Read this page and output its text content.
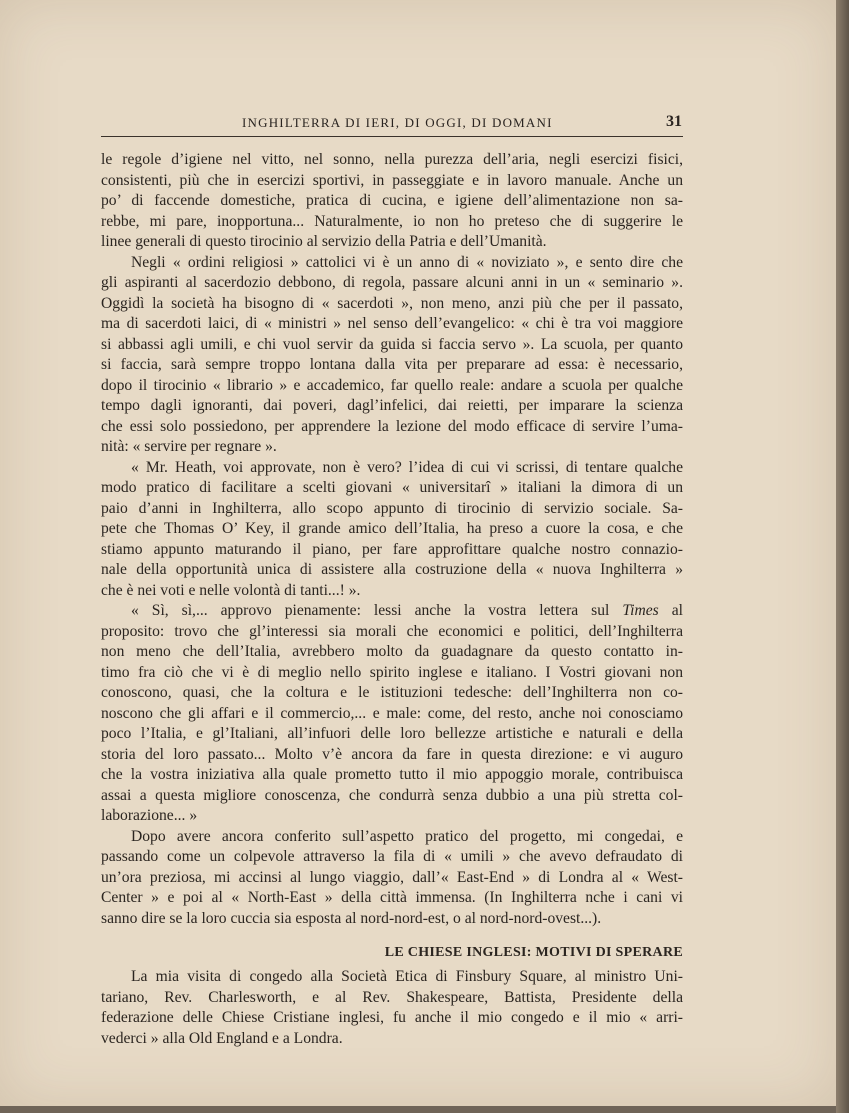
INGHILTERRA DI IERI, DI OGGI, DI DOMANI	31
le regole d’igiene nel vitto, nel sonno, nella purezza dell’aria, negli esercizi fisici,
consistenti, più che in esercizi sportivi, in passeggiate e in lavoro manuale. Anche un
po’ di faccende domestiche, pratica di cucina, e igiene dell’alimentazione non sa-
rebbe, mi pare, inopportuna... Naturalmente, io non ho preteso che di suggerire le
linee generali di questo tirocinio al servizio della Patria e dell’Umanità.
Negli « ordini religiosi » cattolici vi è un anno di « noviziato », e sento dire che
gli aspiranti al sacerdozio debbono, di regola, passare alcuni anni in un « seminario ».
Oggidì la società ha bisogno di « sacerdoti », non meno, anzi più che per il passato,
ma di sacerdoti laici, di « ministri » nel senso dell’evangelico: « chi è tra voi maggiore
si abbassi agli umili, e chi vuol servir da guida si faccia servo ». La scuola, per quanto
si faccia, sarà sempre troppo lontana dalla vita per preparare ad essa: è necessario,
dopo il tirocinio « librario » e accademico, far quello reale: andare a scuola per qualche
tempo dagli ignoranti, dai poveri, dagl’infelici, dai reietti, per imparare la scienza
che essi solo possiedono, per apprendere la lezione del modo efficace di servire l’uma-
nità: « servire per regnare ».
« Mr. Heath, voi approvate, non è vero? l’idea di cui vi scrissi, di tentare qualche
modo pratico di facilitare a scelti giovani « universitarî » italiani la dimora di un
paio d’anni in Inghilterra, allo scopo appunto di tirocinio di servizio sociale. Sa-
pete che Thomas O’ Key, il grande amico dell’Italia, ha preso a cuore la cosa, e che
stiamo appunto maturando il piano, per fare approfittare qualche nostro connazio-
nale della opportunità unica di assistere alla costruzione della « nuova Inghilterra »
che è nei voti e nelle volontà di tanti...! ».
« Sì, sì,... approvo pienamente: lessi anche la vostra lettera sul Times al
proposito: trovo che gl’interessi sia morali che economici e politici, dell’Inghilterra
non meno che dell’Italia, avrebbero molto da guadagnare da questo contatto in-
timo fra ciò che vi è di meglio nello spirito inglese e italiano. I Vostri giovani non
conoscono, quasi, che la coltura e le istituzioni tedesche: dell’Inghilterra non co-
noscono che gli affari e il commercio,... e male: come, del resto, anche noi conosciamo
poco l’Italia, e gl’Italiani, all’infuori delle loro bellezze artistiche e naturali e della
storia del loro passato... Molto v’è ancora da fare in questa direzione: e vi auguro
che la vostra iniziativa alla quale prometto tutto il mio appoggio morale, contribuisca
assai a questa migliore conoscenza, che condurrà senza dubbio a una più stretta col-
laborazione... »
Dopo avere ancora conferito sull’aspetto pratico del progetto, mi congedai, e
passando come un colpevole attraverso la fila di « umili » che avevo defraudato di
un’ora preziosa, mi accinsi al lungo viaggio, dall’« East-End » di Londra al « West-
Center » e poi al « North-East » della città immensa. (In Inghilterra nche i cani vi
sanno dire se la loro cuccia sia esposta al nord-nord-est, o al nord-nord-ovest...).
LE CHIESE INGLESI: MOTIVI DI SPERARE
La mia visita di congedo alla Società Etica di Finsbury Square, al ministro Uni-
tariano, Rev. Charlesworth, e al Rev. Shakespeare, Battista, Presidente della
federazione delle Chiese Cristiane inglesi, fu anche il mio congedo e il mio « arri-
vederci » alla Old England e a Londra.
